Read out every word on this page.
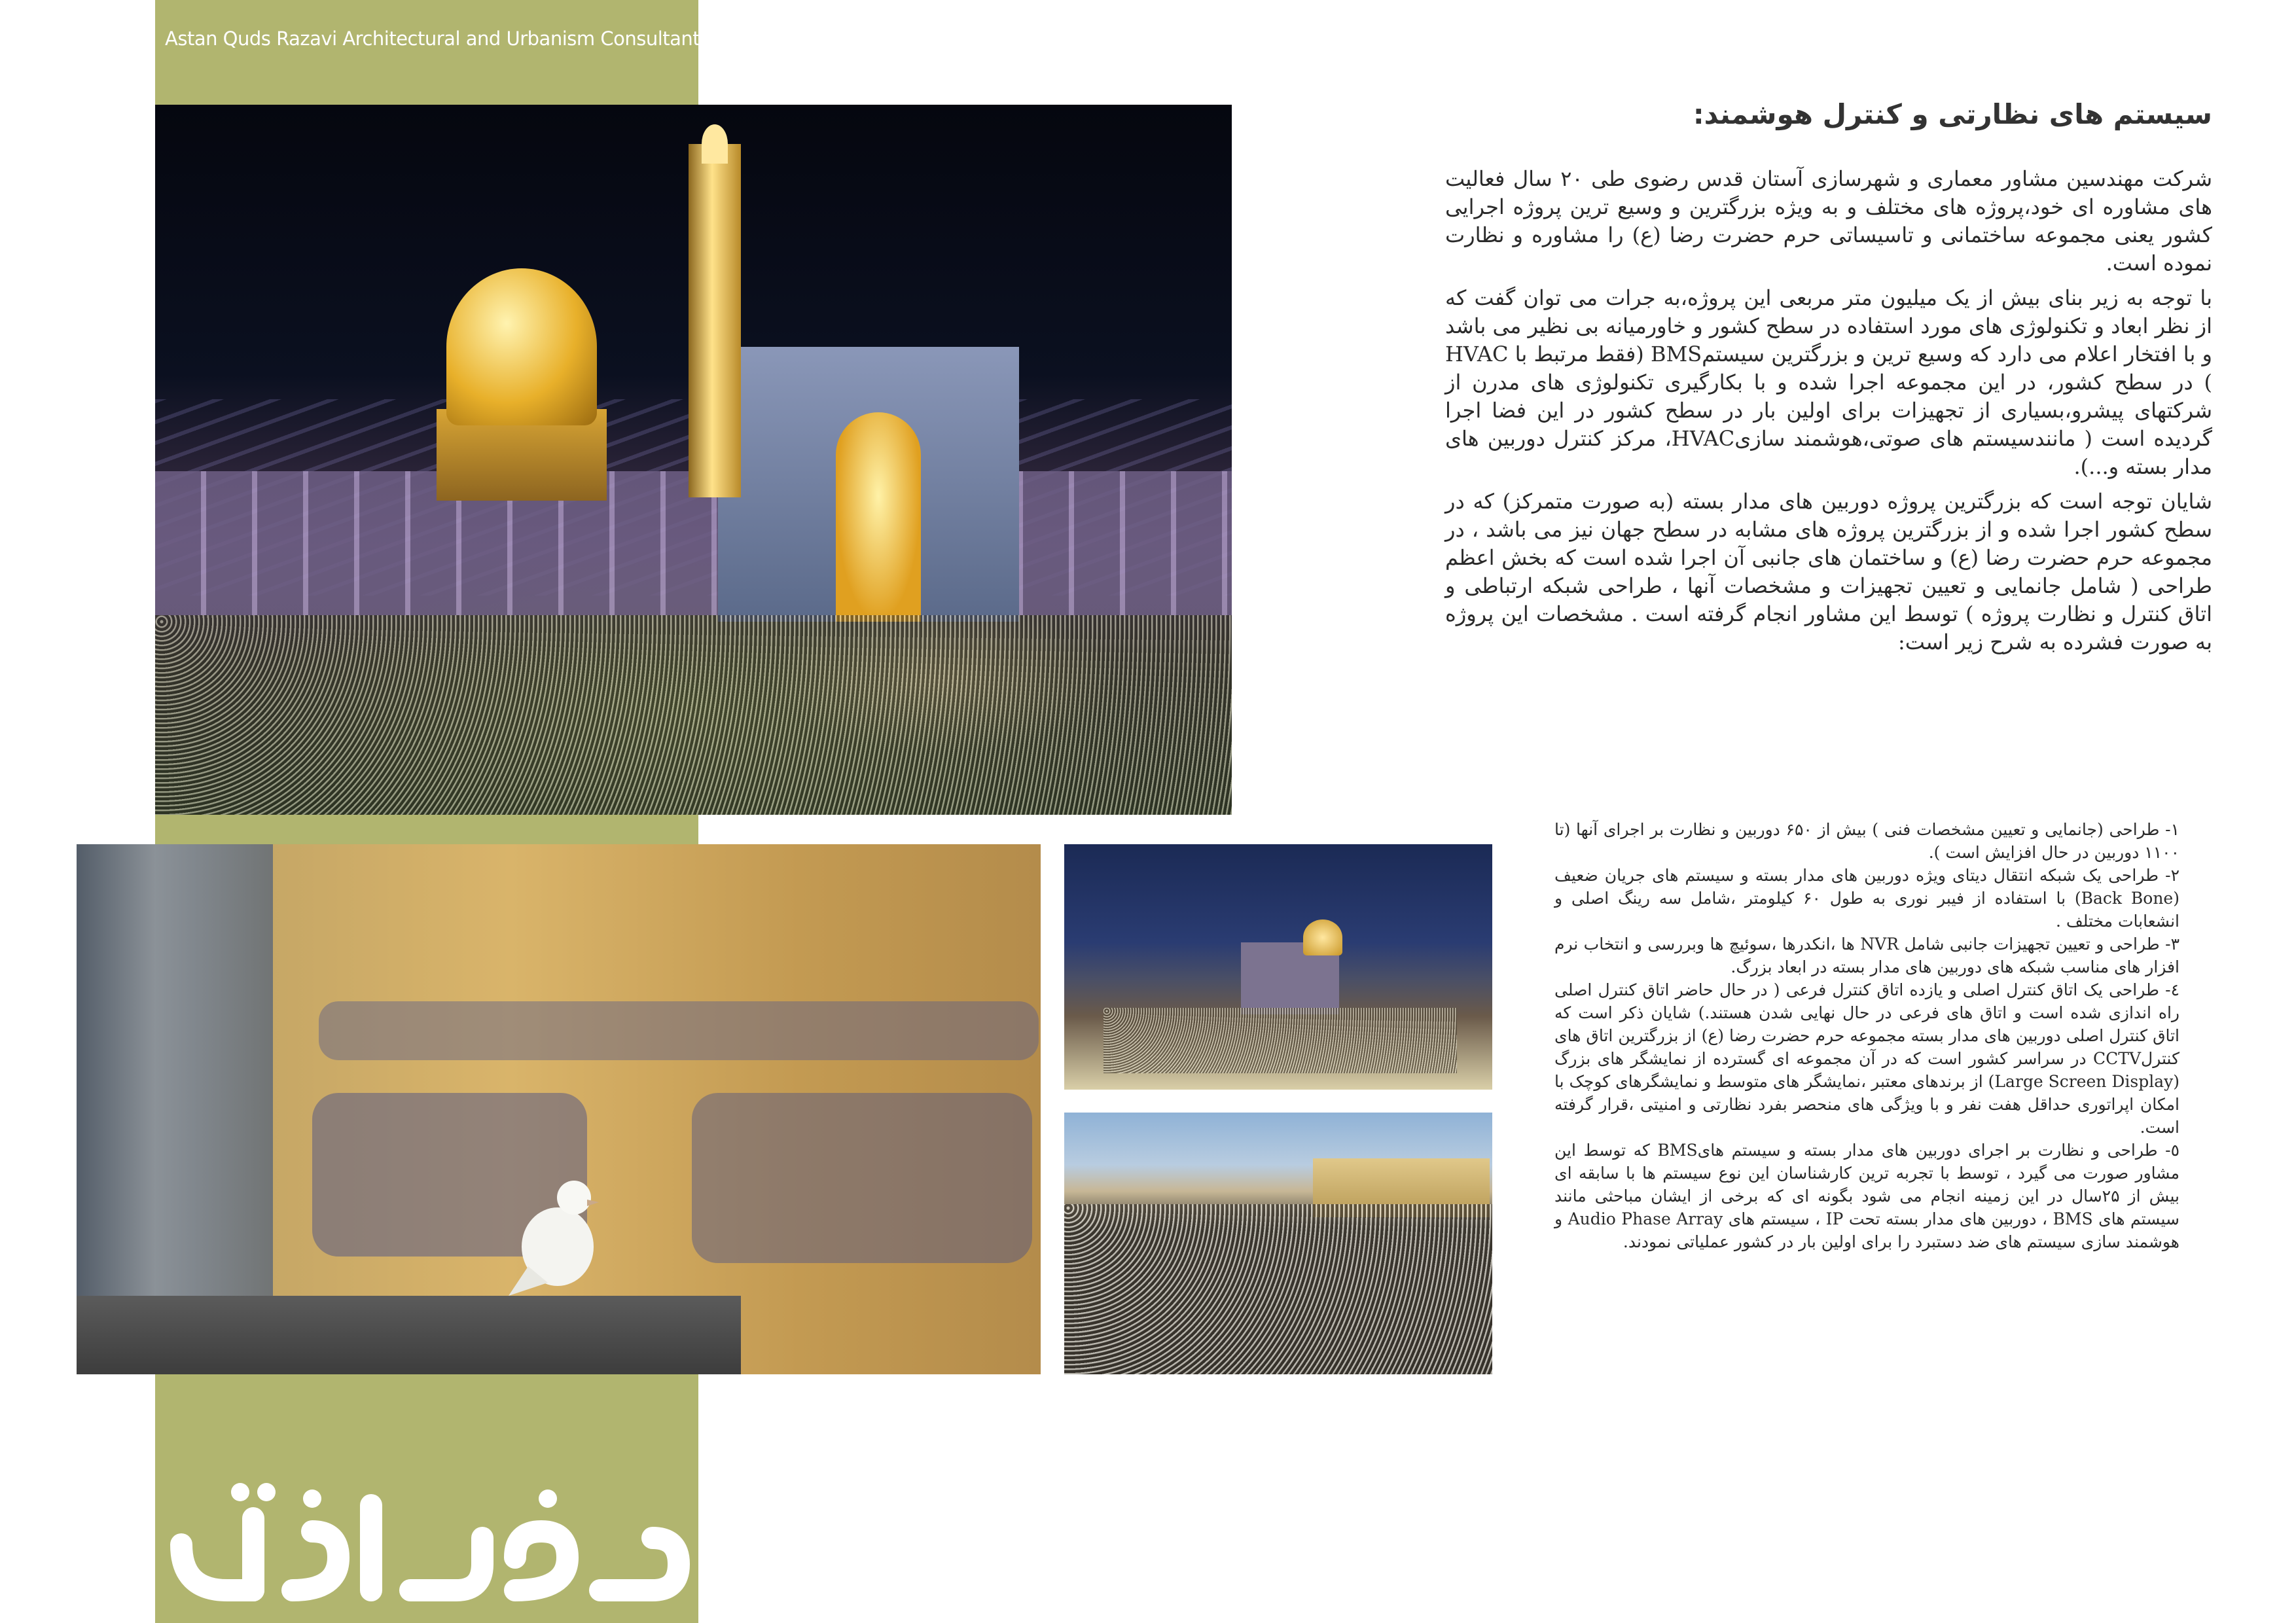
Astan Quds Razavi Architectural and Urbanism Consultant Engineers
سیستم های نظارتی و کنترل هوشمند:

شرکت مهندسین مشاور معماری و شهرسازی آستان قدس رضوی طی ۲۰ سال فعالیت های مشاوره ای خود،پروژه های مختلف و به ویژه بزرگترین و وسیع ترین پروژه اجرایی کشور یعنی مجموعه ساختمانی و تاسیساتی حرم حضرت رضا (ع) را مشاوره و نظارت نموده است.

با توجه به زیر بنای بیش از یک میلیون متر مربعی این پروژه،به جرات می توان گفت که از نظر ابعاد و تکنولوژی های مورد استفاده در سطح کشور و خاورمیانه بی نظیر می باشد و با افتخار اعلام می دارد که وسیع ترین و بزرگترین سیستمBMS (فقط مرتبط با HVAC ) در سطح کشور، در این مجموعه اجرا شده و با بکارگیری تکنولوژی های مدرن از شرکتهای پیشرو،بسیاری از تجهیزات برای اولین بار در سطح کشور در این فضا اجرا گردیده است ( مانندسیستم های صوتی،هوشمند سازیHVAC، مرکز کنترل دوربین های مدار بسته و...).

شایان توجه است که بزرگترین پروژه دوربین های مدار بسته (به صورت متمرکز) که در سطح کشور اجرا شده و از بزرگترین پروژه های مشابه در سطح جهان نیز می باشد ، در مجموعه حرم حضرت رضا (ع) و ساختمان های جانبی آن اجرا شده است که بخش اعظم طراحی ( شامل جانمایی و تعیین تجهیزات و مشخصات آنها ، طراحی شبکه ارتباطی و اتاق کنترل و نظارت پروژه ) توسط این مشاور انجام گرفته است . مشخصات این پروژه به صورت فشرده به شرح زیر است:

۱- طراحی (جانمایی و تعیین مشخصات فنی ) بیش از ۶۵۰ دوربین و نظارت بر اجرای آنها (تا ۱۱۰۰ دوربین در حال افزایش است ).

۲- طراحی یک شبکه انتقال دیتای ویژه دوربین های مدار بسته و سیستم های جریان ضعیف (Back Bone) با استفاده از فیبر نوری به طول ۶۰ کیلومتر ،شامل سه رینگ اصلی و انشعابات مختلف .

۳- طراحی و تعیین تجهیزات جانبی شامل NVR ها ،انکدرها ،سوئیچ ها وبررسی و انتخاب نرم افزار های مناسب شبکه های دوربین های مدار بسته در ابعاد بزرگ.

٤- طراحی یک اتاق کنترل اصلی و یازده اتاق کنترل فرعی ( در حال حاضر اتاق کنترل اصلی راه اندازی شده است و اتاق های فرعی در حال نهایی شدن هستند.) شایان ذکر است که اتاق کنترل اصلی دوربین های مدار بسته مجموعه حرم حضرت رضا (ع) از بزرگترین اتاق های کنترلCCTV در سراسر کشور است که در آن مجموعه ای گسترده از نمایشگر های بزرگ (Large Screen Display) از برندهای معتبر ،نمایشگر های متوسط و نمایشگرهای کوچک با امکان اپراتوری حداقل هفت نفر و با ویژگی های منحصر بفرد نظارتی و امنیتی ،قرار گرفته است.

٥- طراحی و نظارت بر اجرای دوربین های مدار بسته و سیستم هایBMS که توسط این مشاور صورت می گیرد ، توسط با تجربه ترین کارشناسان این نوع سیستم ها با سابقه ای بیش از ۲۵سال در این زمینه انجام می شود بگونه ای که برخی از ایشان مباحثی مانند سیستم های BMS ، دوربین های مدار بسته تحت IP ، سیستم های Audio Phase Array و هوشمند سازی سیستم های ضد دستبرد را برای اولین بار در کشور عملیاتی نمودند.
